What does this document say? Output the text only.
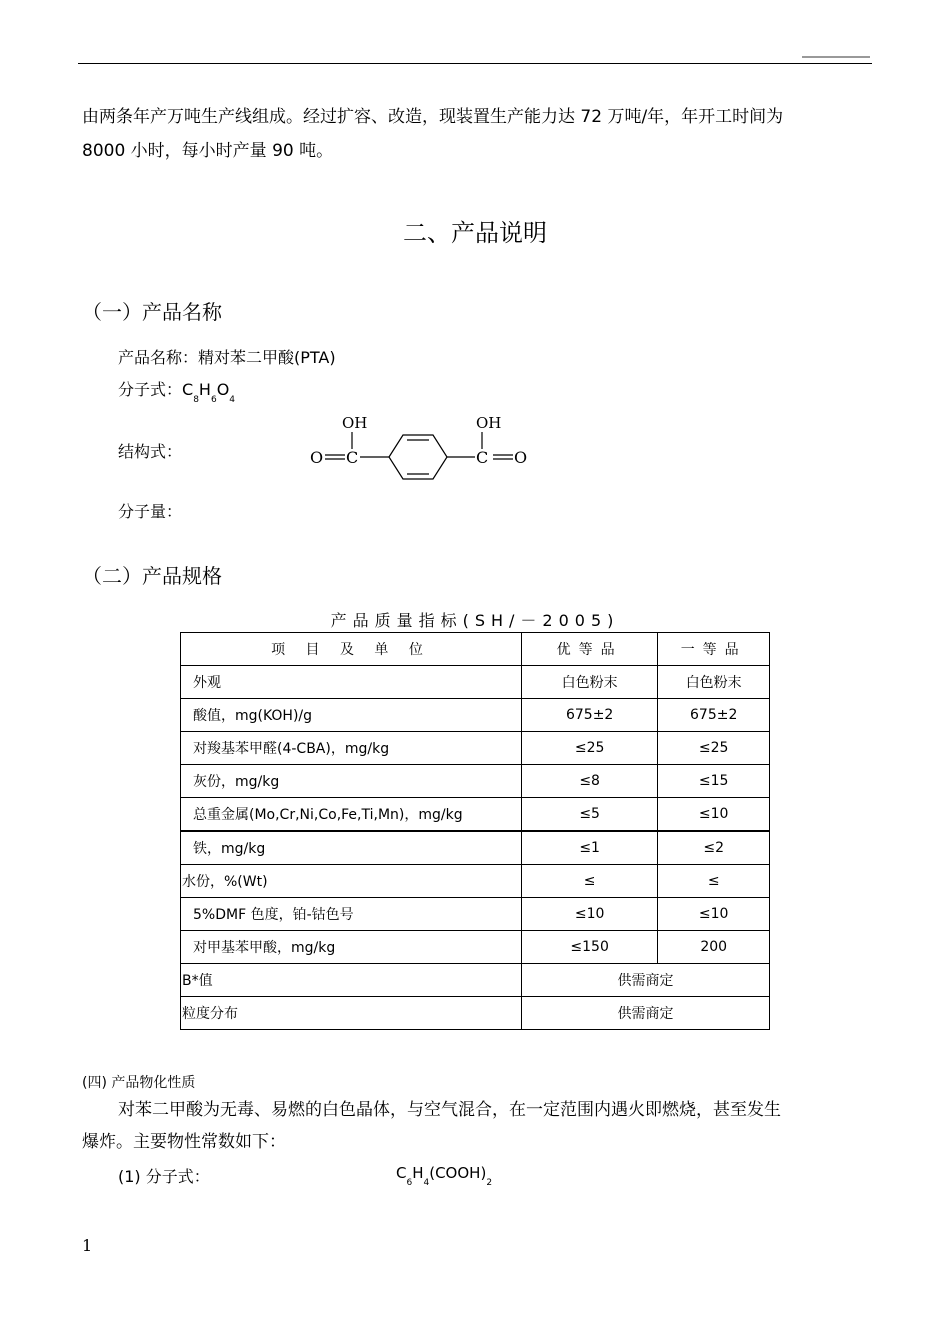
由两条年产万吨生产线组成。经过扩容、改造，现装置生产能力达 72 万吨/年，年开工时间为
8000 小时，每小时产量 90 吨。
二、产品说明
（一）产品名称
产品名称：精对苯二甲酸(PTA)
分子式：$C_8H_6O_4$
结构式：
OH	OH
O C	C O
分子量：
（二）产品规格
产品质量指标(SH/－2005)
项 目 及 单 位	优等品	一等品
外观	白色粉末	白色粉末
酸值，mg(KOH)/g	675±2	675±2
对羧基苯甲醛(4-CBA)，mg/kg	≤25	≤25
灰份，mg/kg	≤8	≤15
总重金属(Mo,Cr,Ni,Co,Fe,Ti,Mn)，mg/kg	≤5	≤10
铁，mg/kg	≤1	≤2
水份，%(Wt)	≤	≤
5%DMF 色度，铂-钴色号	≤10	≤10
对甲基苯甲酸，mg/kg	≤150	200
B*值	供需商定	
粒度分布	供需商定	
(四) 产品物化性质
对苯二甲酸为无毒、易燃的白色晶体，与空气混合，在一定范围内遇火即燃烧，甚至发生
爆炸。主要物性常数如下：
(1) 分子式：	$C_6H_4(COOH)_2$
1
